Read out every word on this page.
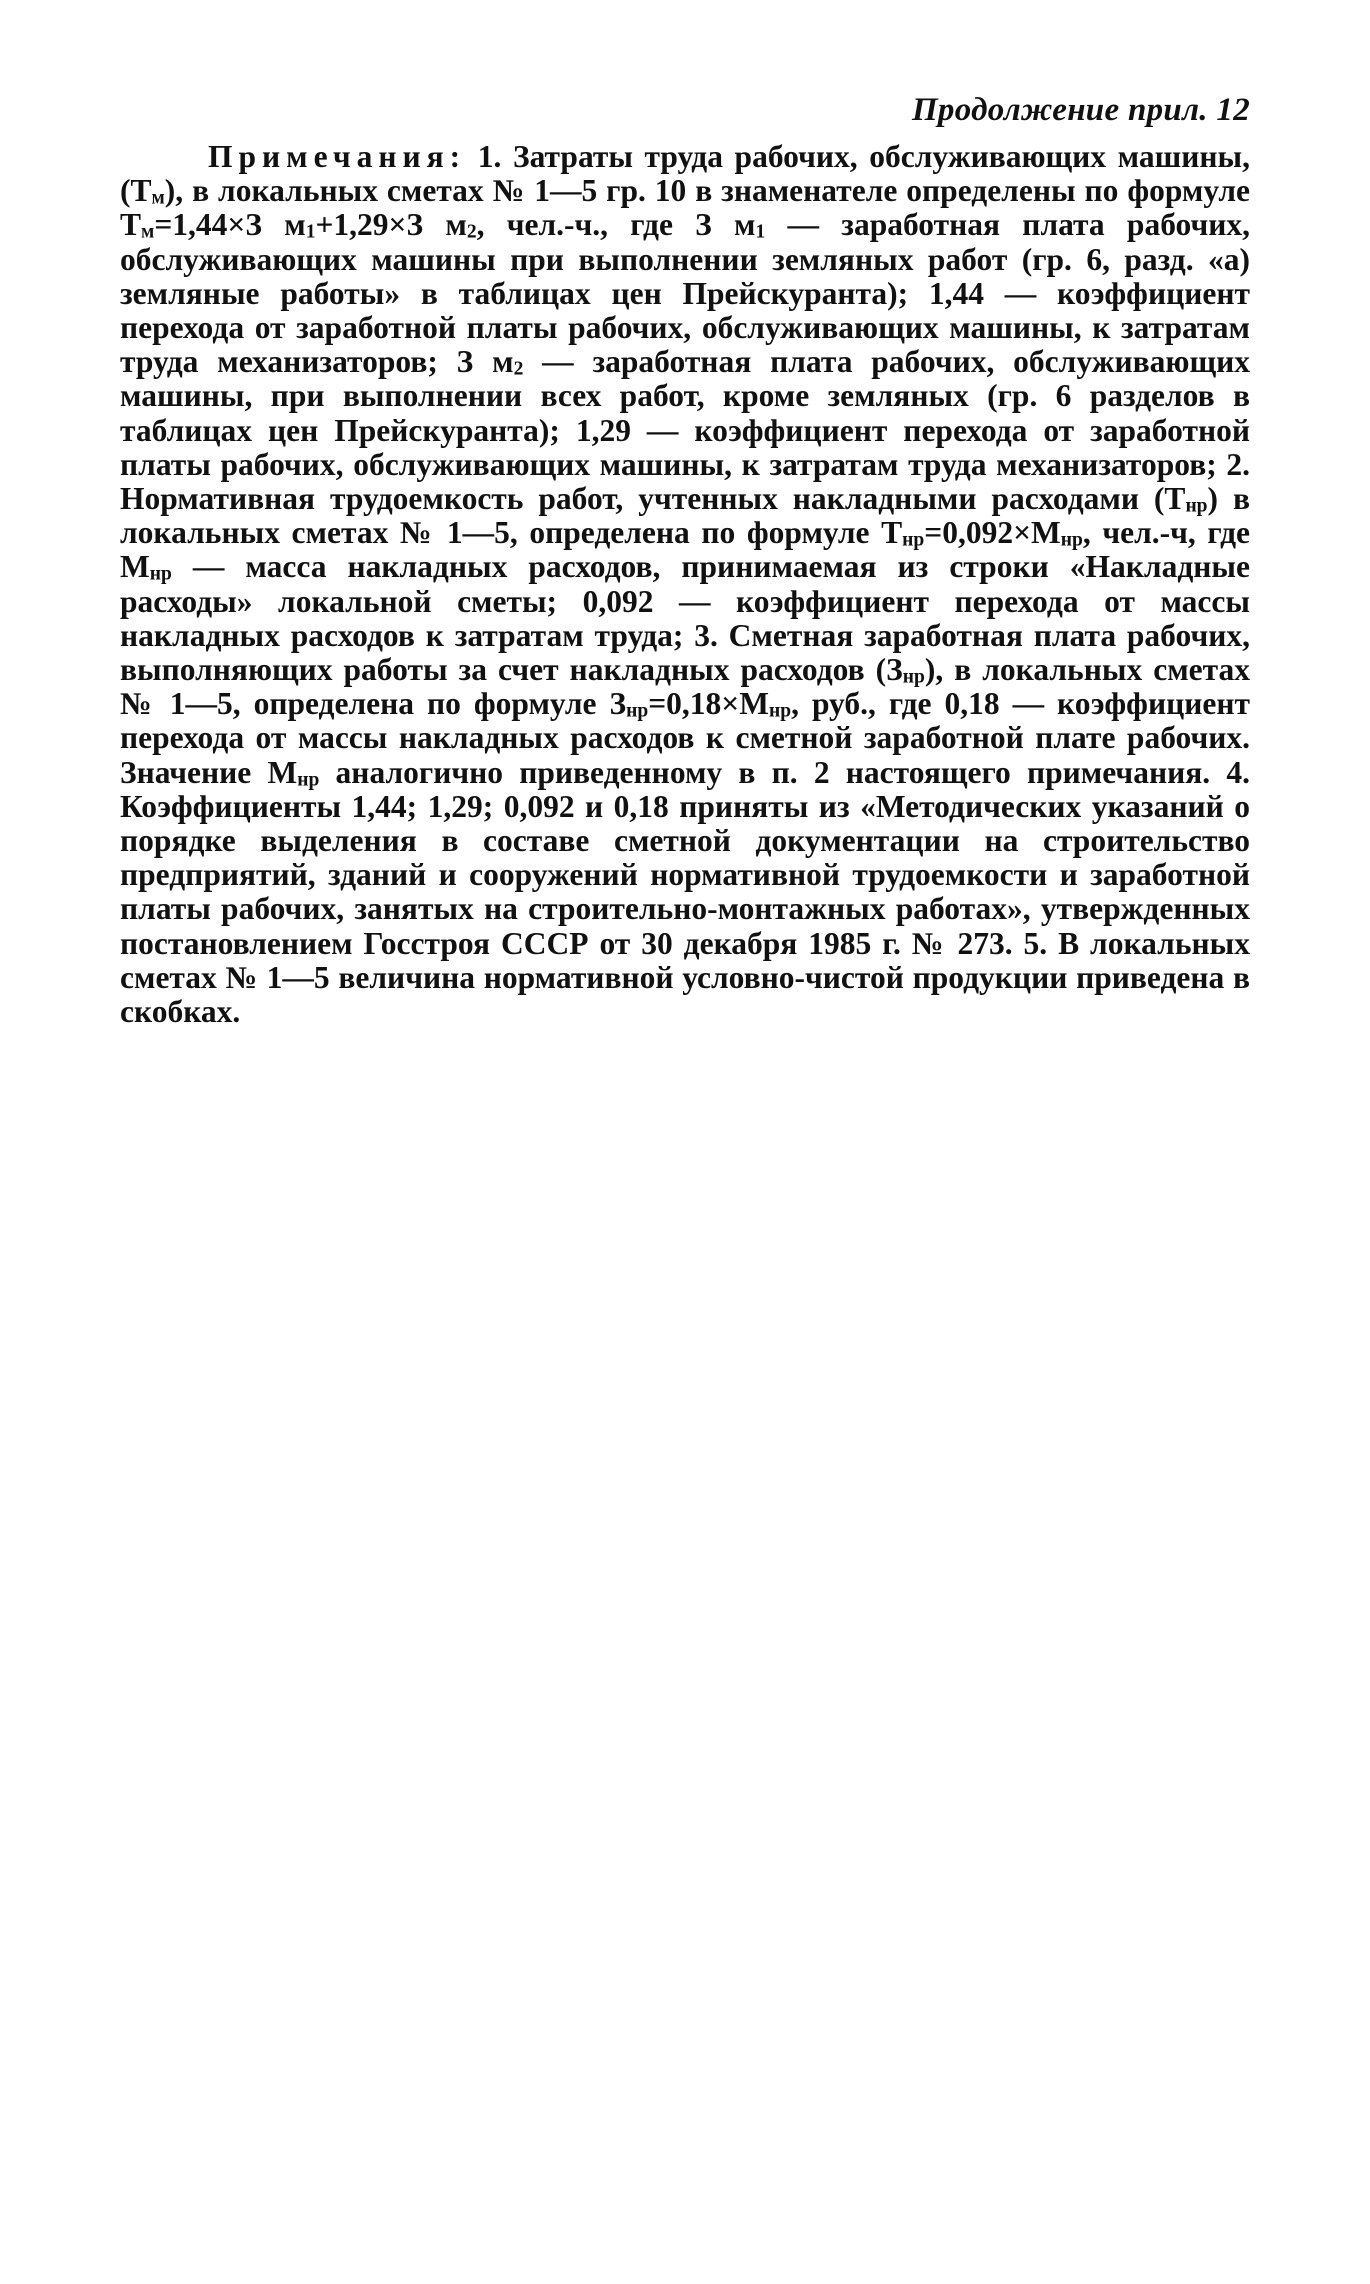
Продолжение прил. 12
Примечания: 1. Затраты труда рабочих, обслуживающих машины, $(Т_м)$, в локальных сметах № 1—5 гр. 10 в знаменателе определены по формуле $Т_м=1,44\times З$ $м_1+1,29\times З$ $м_2$, чел.-ч., где З $м_1$ — заработная плата рабочих, обслуживающих машины при выполнении земляных работ (гр. 6, разд. «а) земляные работы» в таблицах цен Прейскуранта); 1,44 — коэффициент перехода от заработной платы рабочих, обслуживающих машины, к затратам труда механизаторов; З $м_2$ — заработная плата рабочих, обслуживающих машины, при выполнении всех работ, кроме земляных (гр. 6 разделов в таблицах цен Прейскуранта); 1,29 — коэффициент перехода от заработной платы рабочих, обслуживающих машины, к затратам труда механизаторов; 2. Нормативная трудоемкость работ, учтенных накладными расходами $(Т_{нр})$ в локальных сметах № 1—5, определена по формуле $Т_{нр}=0,092\times М_{нр}$, чел.-ч, где $М_{нр}$ — масса накладных расходов, принимаемая из строки «Накладные расходы» локальной сметы; 0,092 — коэффициент перехода от массы накладных расходов к затратам труда; 3. Сметная заработная плата рабочих, выполняющих работы за счет накладных расходов $(З_{нр})$, в локальных сметах № 1—5, определена по формуле $З_{нр}=0,18\times М_{нр}$, руб., где 0,18 — коэффициент перехода от массы накладных расходов к сметной заработной плате рабочих. Значение $М_{нр}$ аналогично приведенному в п. 2 настоящего примечания. 4. Коэффициенты 1,44; 1,29; 0,092 и 0,18 приняты из «Методических указаний о порядке выделения в составе сметной документации на строительство предприятий, зданий и сооружений нормативной трудоемкости и заработной платы рабочих, занятых на строительно-монтажных работах», утвержденных постановлением Госстроя СССР от 30 декабря 1985 г. № 273. 5. В локальных сметах № 1—5 величина нормативной условно-чистой продукции приведена в скобках.
